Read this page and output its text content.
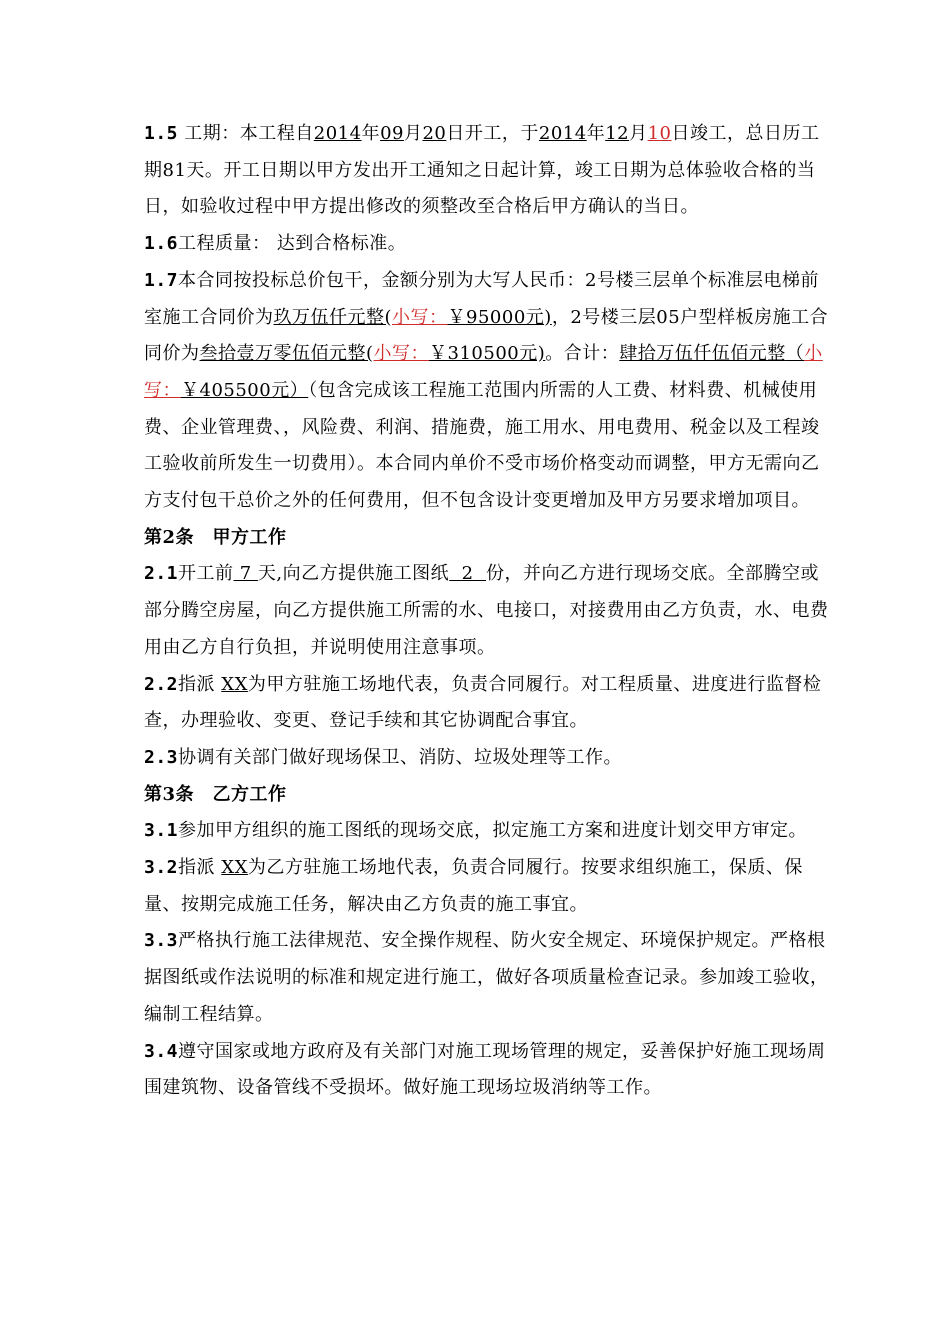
1.5 工期：本工程自2014年09月20日开工，于2014年12月10日竣工，总日历工期81天。开工日期以甲方发出开工通知之日起计算，竣工日期为总体验收合格的当日，如验收过程中甲方提出修改的须整改至合格后甲方确认的当日。

1.6工程质量： 达到合格标准。

1.7本合同按投标总价包干，金额分别为大写人民币：2号楼三层单个标准层电梯前室施工合同价为玖万伍仟元整(小写：￥95000元)，2号楼三层05户型样板房施工合同价为叁拾壹万零伍佰元整(小写：￥310500元)。合计：肆拾万伍仟伍佰元整（小写：￥405500元）（包含完成该工程施工范围内所需的人工费、材料费、机械使用费、企业管理费、，风险费、利润、措施费，施工用水、用电费用、税金以及工程竣工验收前所发生一切费用）。本合同内单价不受市场价格变动而调整，甲方无需向乙方支付包干总价之外的任何费用，但不包含设计变更增加及甲方另要求增加项目。

第2条　甲方工作

2.1开工前 7 天,向乙方提供施工图纸  2  份，并向乙方进行现场交底。全部腾空或部分腾空房屋，向乙方提供施工所需的水、电接口，对接费用由乙方负责，水、电费用由乙方自行负担，并说明使用注意事项。

2.2指派 XX为甲方驻施工场地代表，负责合同履行。对工程质量、进度进行监督检查，办理验收、变更、登记手续和其它协调配合事宜。

2.3协调有关部门做好现场保卫、消防、垃圾处理等工作。

第3条　乙方工作

3.1参加甲方组织的施工图纸的现场交底，拟定施工方案和进度计划交甲方审定。

3.2指派 XX为乙方驻施工场地代表，负责合同履行。按要求组织施工，保质、保量、按期完成施工任务，解决由乙方负责的施工事宜。

3.3严格执行施工法律规范、安全操作规程、防火安全规定、环境保护规定。严格根据图纸或作法说明的标准和规定进行施工，做好各项质量检查记录。参加竣工验收，编制工程结算。

3.4遵守国家或地方政府及有关部门对施工现场管理的规定，妥善保护好施工现场周围建筑物、设备管线不受损坏。做好施工现场垃圾消纳等工作。
